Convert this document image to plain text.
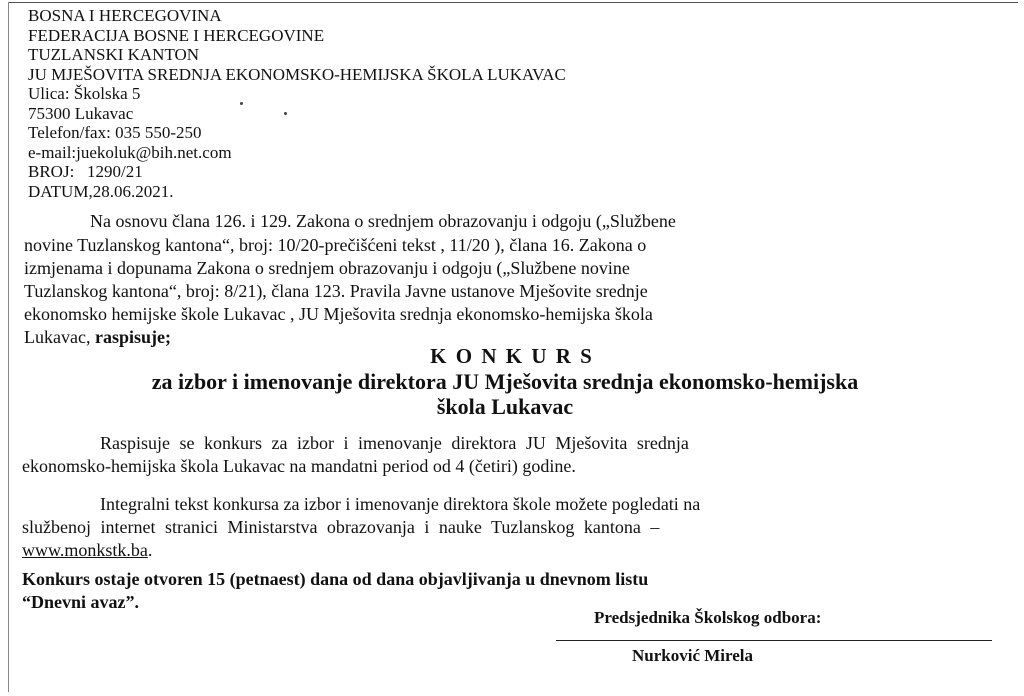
BOSNA I HERCEGOVINA
FEDERACIJA BOSNE I HERCEGOVINE
TUZLANSKI KANTON
JU MJEŠOVITA SREDNJA EKONOMSKO-HEMIJSKA ŠKOLA LUKAVAC
Ulica: Školska 5
75300 Lukavac
Telefon/fax: 035 550-250
e-mail:juekoluk@bih.net.com
BROJ:   1290/21
DATUM,28.06.2021.
Na osnovu člana 126. i 129. Zakona o srednjem obrazovanju i odgoju („Službene
novine Tuzlanskog kantona“, broj: 10/20-prečišćeni tekst , 11/20 ), člana 16. Zakona o
izmjenama i dopunama Zakona o srednjem obrazovanju i odgoju („Službene novine
Tuzlanskog kantona“, broj: 8/21), člana 123. Pravila Javne ustanove Mješovite srednje
ekonomsko hemijske škole Lukavac , JU Mješovita srednja ekonomsko-hemijska škola
Lukavac, raspisuje;
K O N K U R S
za izbor i imenovanje direktora JU Mješovita srednja ekonomsko-hemijska
škola Lukavac
Raspisuje se konkurs za izbor i imenovanje direktora JU Mješovita srednja
ekonomsko-hemijska škola Lukavac na mandatni period od 4 (četiri) godine.
Integralni tekst konkursa za izbor i imenovanje direktora škole možete pogledati na
službenoj internet stranici Ministarstva obrazovanja i nauke Tuzlanskog kantona –
www.monkstk.ba.
Konkurs ostaje otvoren 15 (petnaest) dana od dana objavljivanja u dnevnom listu
“Dnevni avaz”.
Predsjednika Školskog odbora:
Nurković Mirela
